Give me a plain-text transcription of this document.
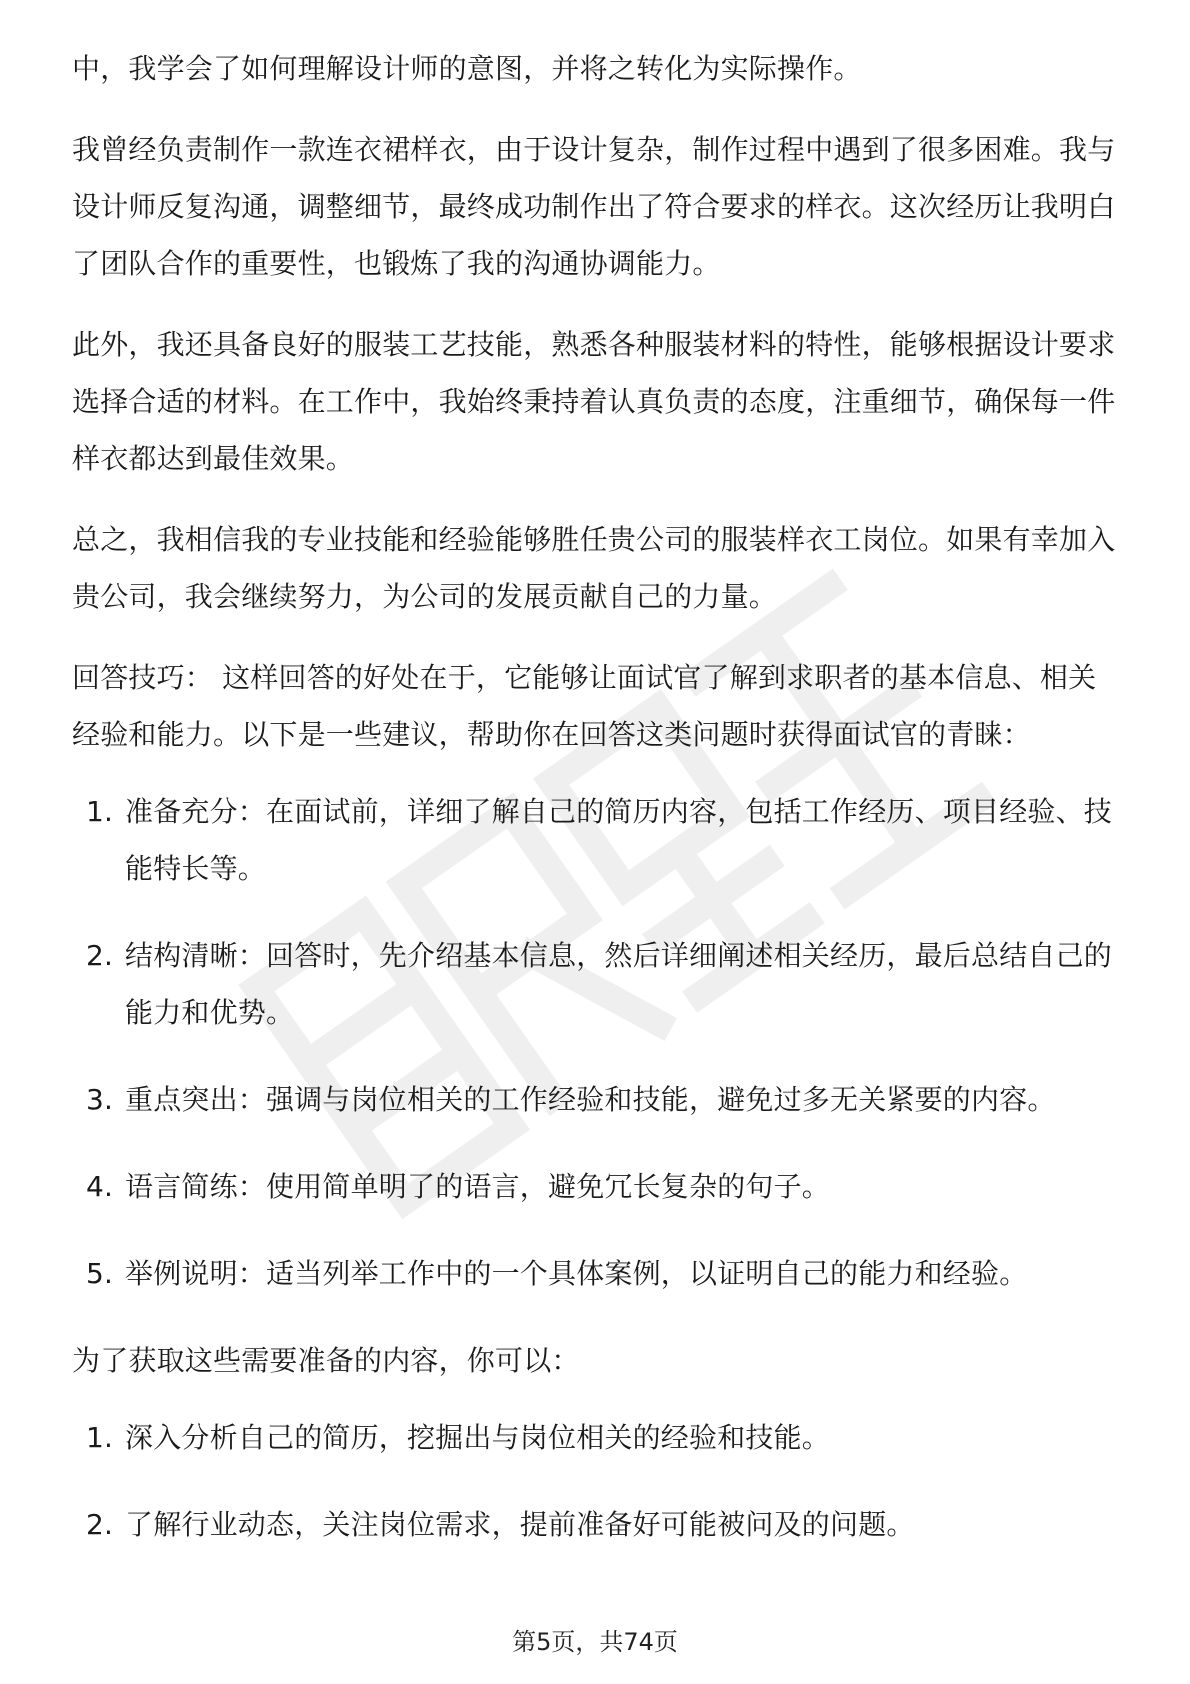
中，我学会了如何理解设计师的意图，并将之转化为实际操作。

我曾经负责制作一款连衣裙样衣，由于设计复杂，制作过程中遇到了很多困难。我与设计师反复沟通，调整细节，最终成功制作出了符合要求的样衣。这次经历让我明白了团队合作的重要性，也锻炼了我的沟通协调能力。

此外，我还具备良好的服装工艺技能，熟悉各种服装材料的特性，能够根据设计要求选择合适的材料。在工作中，我始终秉持着认真负责的态度，注重细节，确保每一件样衣都达到最佳效果。

总之，我相信我的专业技能和经验能够胜任贵公司的服装样衣工岗位。如果有幸加入贵公司，我会继续努力，为公司的发展贡献自己的力量。

回答技巧： 这样回答的好处在于，它能够让面试官了解到求职者的基本信息、相关经验和能力。以下是一些建议，帮助你在回答这类问题时获得面试官的青睐：

1. 准备充分：在面试前，详细了解自己的简历内容，包括工作经历、项目经验、技能特长等。
2. 结构清晰：回答时，先介绍基本信息，然后详细阐述相关经历，最后总结自己的能力和优势。
3. 重点突出：强调与岗位相关的工作经验和技能，避免过多无关紧要的内容。
4. 语言简练：使用简单明了的语言，避免冗长复杂的句子。
5. 举例说明：适当列举工作中的一个具体案例，以证明自己的能力和经验。

为了获取这些需要准备的内容，你可以：

1. 深入分析自己的简历，挖掘出与岗位相关的经验和技能。
2. 了解行业动态，关注岗位需求，提前准备好可能被问及的问题。
第5页，共74页
